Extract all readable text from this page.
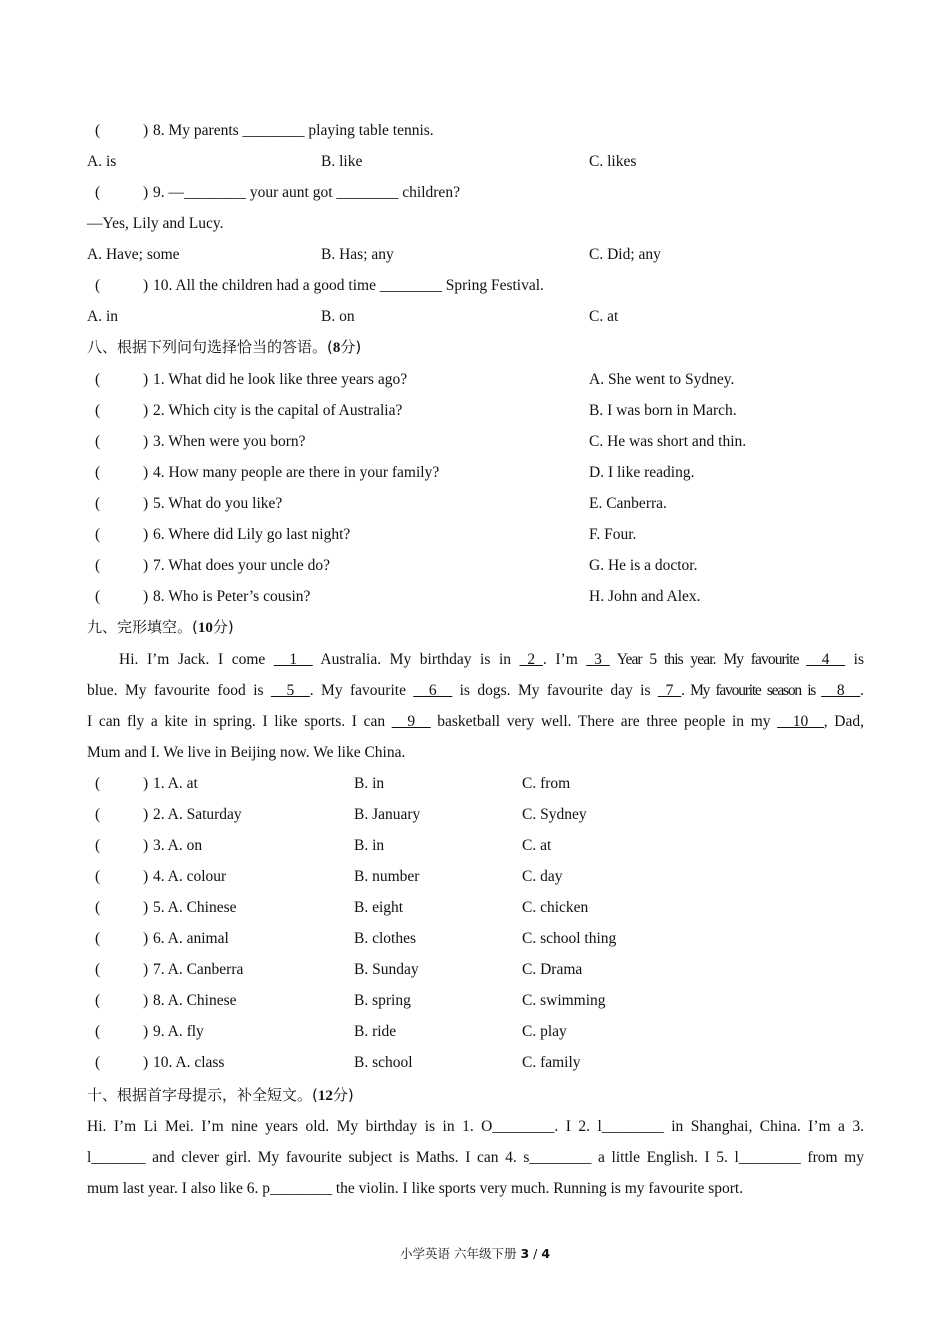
(	) 8. My parents ________ playing table tennis.
A. is	B. like	C. likes
(	) 9. —________ your aunt got ________ children?
—Yes, Lily and Lucy.
A. Have; some	B. Has; any	C. Did; any
(	) 10. All the children had a good time ________ Spring Festival.
A. in	B. on	C. at
八、根据下列问句选择恰当的答语。(8分)
(	) 1. What did he look like three years ago?	A. She went to Sydney.
(	) 2. Which city is the capital of Australia?	B. I was born in March.
(	) 3. When were you born?	C. He was short and thin.
(	) 4. How many people are there in your family?	D. I like reading.
(	) 5. What do you like?	E. Canberra.
(	) 6. Where did Lily go last night?	F. Four.
(	) 7. What does your uncle do?	G. He is a doctor.
(	) 8. Who is Peter’s cousin?	H. John and Alex.
九、完形填空。(10分)
Hi. I’m Jack. I come __1__ Australia. My birthday is in _2_. I’m _3_ Year 5 this year. My favourite __4__ is
blue. My favourite food is __5__. My favourite __6__ is dogs. My favourite day is _7_. My favourite season is __8__.
I can fly a kite in spring. I like sports. I can __9__ basketball very well. There are three people in my __10__, Dad,
Mum and I. We live in Beijing now. We like China.
(	) 1. A. at	B. in	C. from
(	) 2. A. Saturday	B. January	C. Sydney
(	) 3. A. on	B. in	C. at
(	) 4. A. colour	B. number	C. day
(	) 5. A. Chinese	B. eight	C. chicken
(	) 6. A. animal	B. clothes	C. school thing
(	) 7. A. Canberra	B. Sunday	C. Drama
(	) 8. A. Chinese	B. spring	C. swimming
(	) 9. A. fly	B. ride	C. play
(	) 10. A. class	B. school	C. family
十、根据首字母提示，补全短文。(12分)
Hi. I’m Li Mei. I’m nine years old. My birthday is in 1. O________. I 2. l________ in Shanghai, China. I’m a 3.
l_______ and clever girl. My favourite subject is Maths. I can 4. s________ a little English. I 5. l________ from my
mum last year. I also like 6. p________ the violin. I like sports very much. Running is my favourite sport.
小学英语 六年级下册 3 / 4
